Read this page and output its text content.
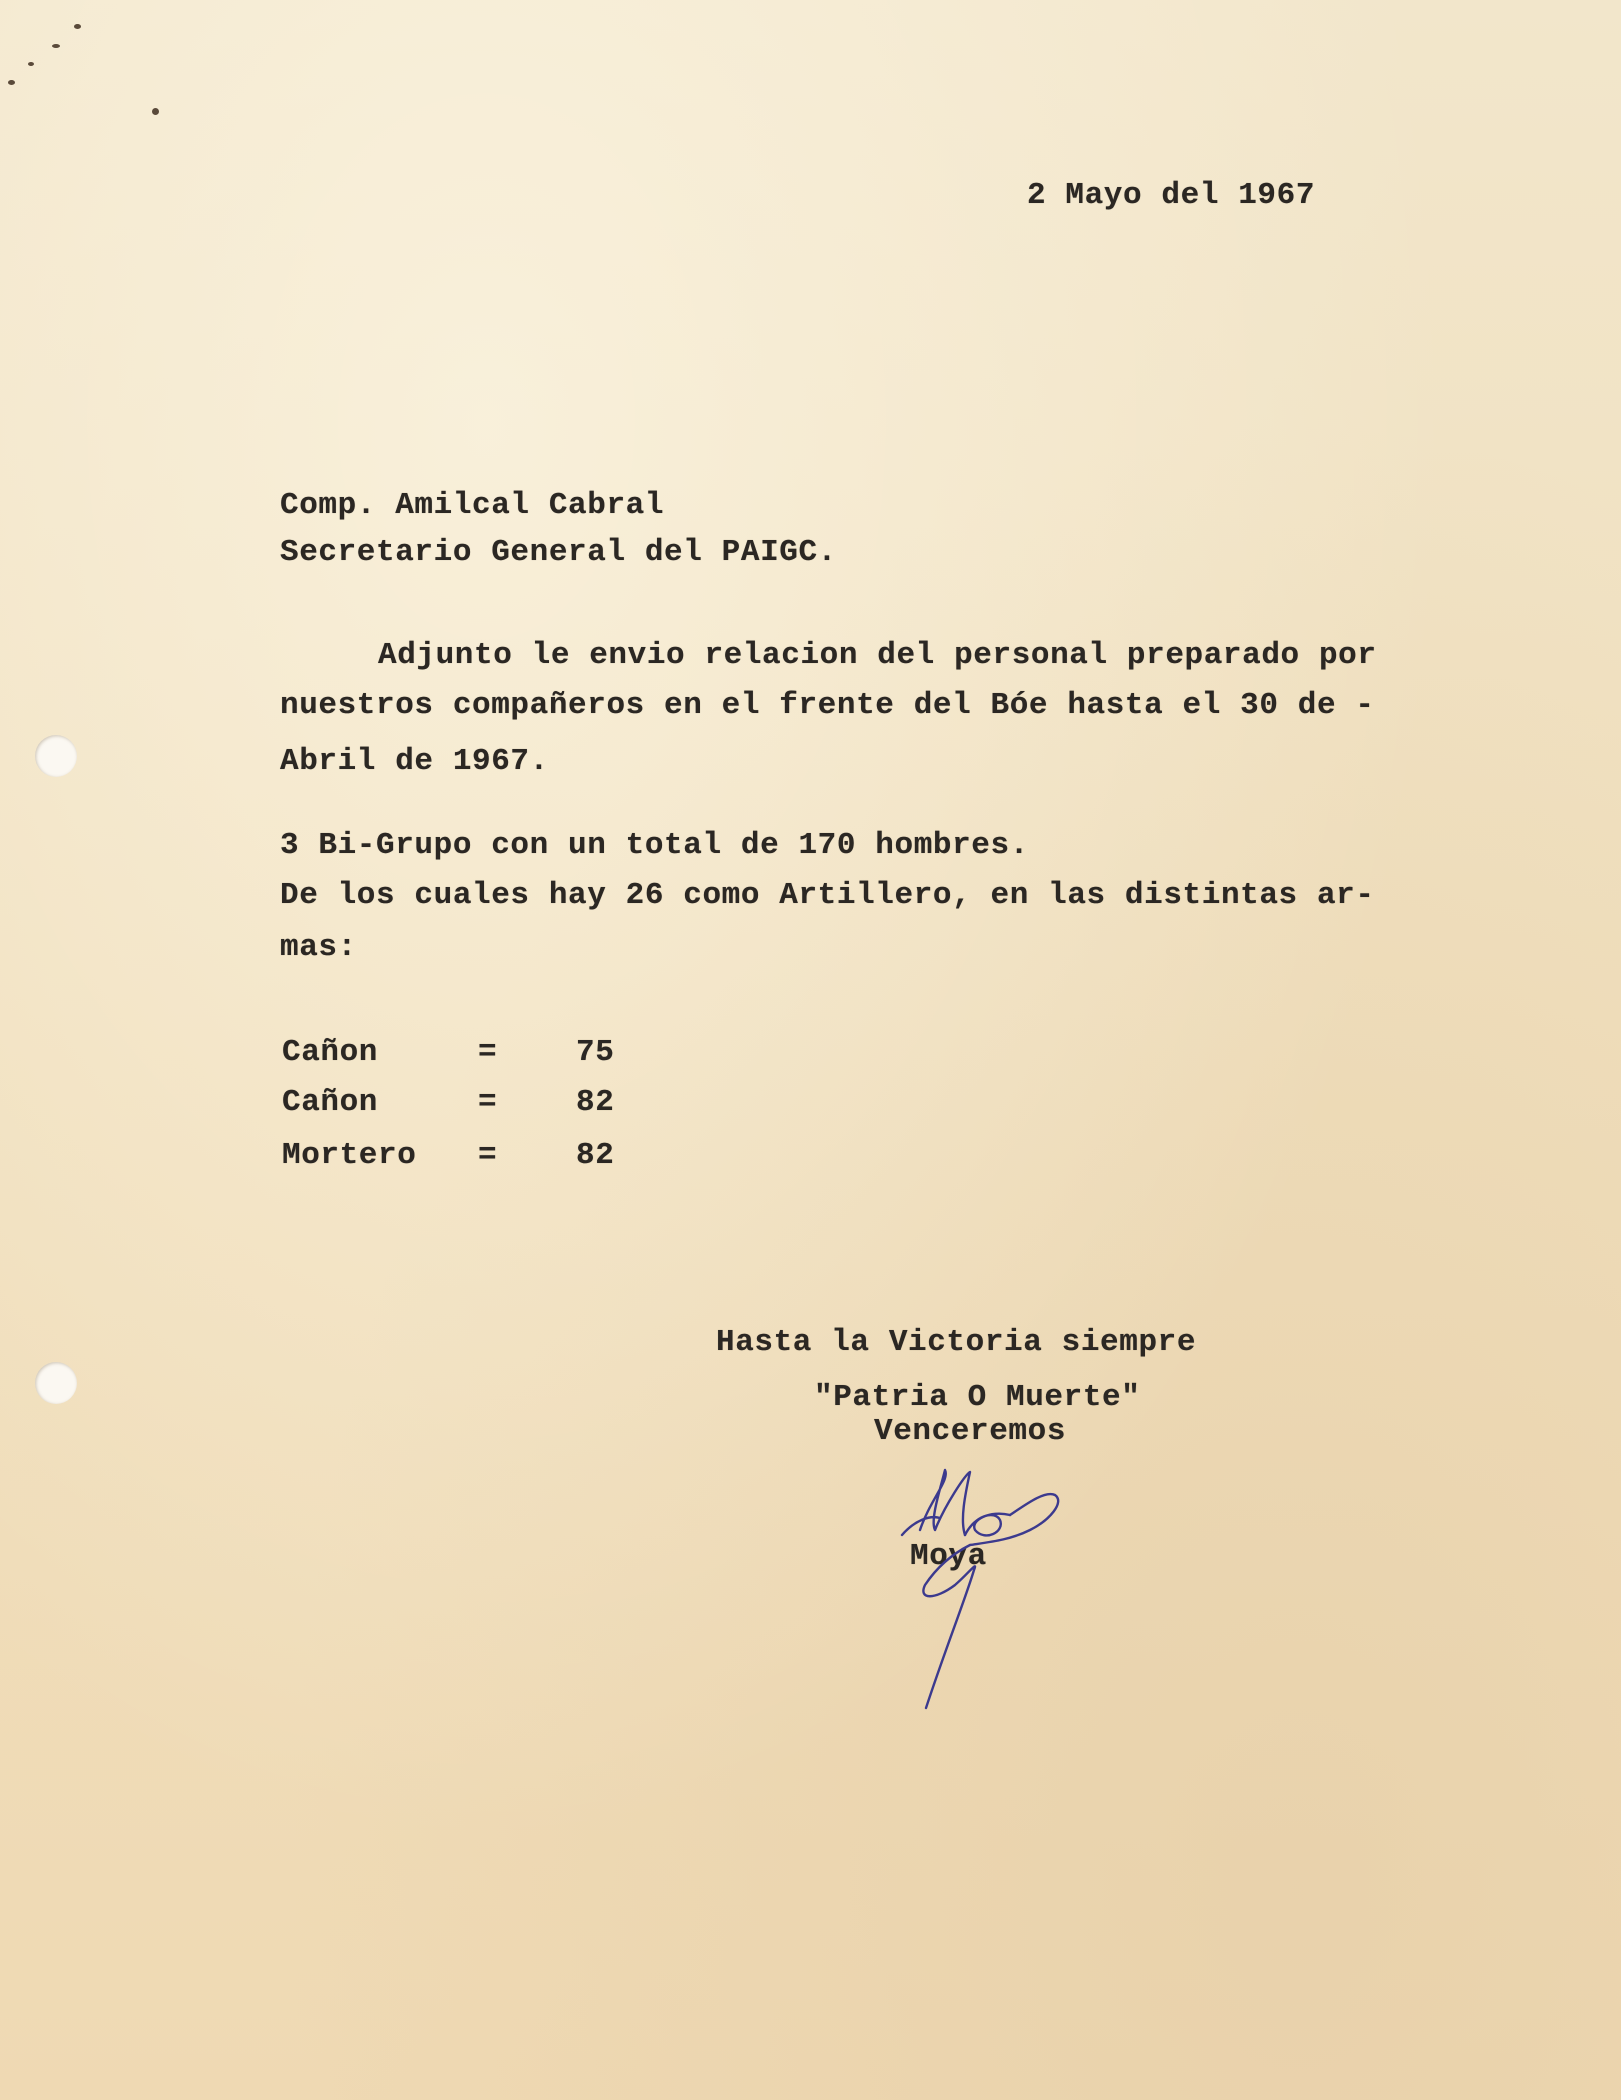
2 Mayo del 1967
Comp. Amilcal Cabral
Secretario General del PAIGC.
Adjunto le envio relacion del personal preparado por
nuestros compañeros en el frente del Bóe hasta el 30 de -
Abril de 1967.
3 Bi-Grupo con un total de 170 hombres.
De los cuales hay 26 como Artillero, en las distintas ar-
mas:
Cañon	=	75
Cañon	=	82
Mortero =	82
Hasta la Victoria siempre
"Patria O Muerte"
Venceremos
Moya
